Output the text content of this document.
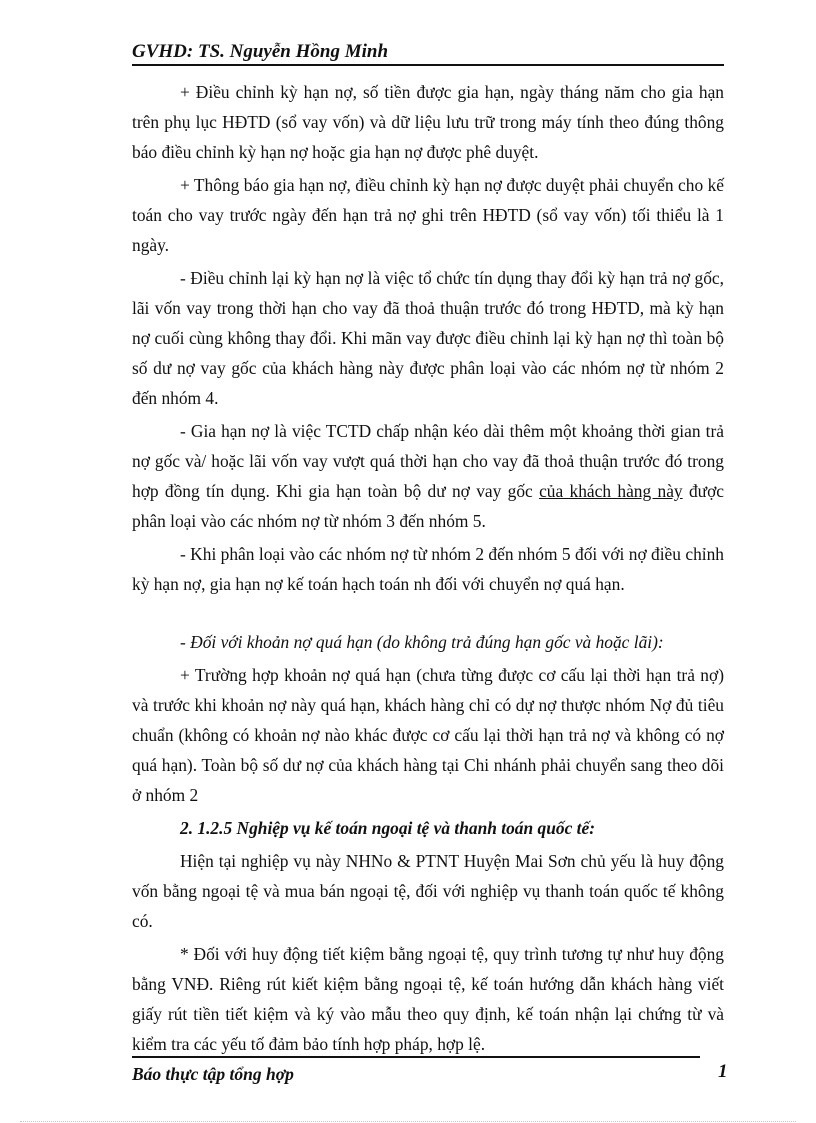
GVHD: TS. Nguyễn Hồng Minh

+ Điều chỉnh kỳ hạn nợ, số tiền được gia hạn, ngày tháng năm cho gia hạn trên phụ lục HĐTD (sổ vay vốn) và dữ liệu lưu trữ trong máy tính theo đúng thông báo điều chỉnh kỳ hạn nợ hoặc gia hạn nợ được phê duyệt.

+ Thông báo gia hạn nợ, điều chỉnh kỳ hạn nợ được duyệt phải chuyển cho kế toán cho vay trước ngày đến hạn trả nợ ghi trên HĐTD (sổ vay vốn) tối thiểu là 1 ngày.

- Điều chỉnh lại kỳ hạn nợ là việc tổ chức tín dụng thay đổi kỳ hạn trả nợ gốc, lãi vốn vay trong thời hạn cho vay đã thoả thuận trước đó trong HĐTD, mà kỳ hạn nợ cuối cùng không thay đổi. Khi mãn vay được điều chỉnh lại kỳ hạn nợ thì toàn bộ số dư nợ vay gốc của khách hàng này được phân loại vào các nhóm nợ từ nhóm 2 đến nhóm 4.

- Gia hạn nợ là việc TCTD chấp nhận kéo dài thêm một khoảng thời gian trả nợ gốc và/ hoặc lãi vốn vay vượt quá thời hạn cho vay đã thoả thuận trước đó trong hợp đồng tín dụng. Khi gia hạn toàn bộ dư nợ vay gốc của khách hàng này được phân loại vào các nhóm nợ từ nhóm 3 đến nhóm 5.

- Khi phân loại vào các nhóm nợ từ nhóm 2 đến nhóm 5 đối với nợ điều chỉnh kỳ hạn nợ, gia hạn nợ kế toán hạch toán nh đối với chuyển nợ quá hạn.

- Đối với khoản nợ quá hạn (do không trả đúng hạn gốc và hoặc lãi):

+ Trường hợp khoản nợ quá hạn (chưa từng được cơ cấu lại thời hạn trả nợ) và trước khi khoản nợ này quá hạn, khách hàng chỉ có dự nợ thược nhóm Nợ đủ tiêu chuẩn (không có khoản nợ nào khác được cơ cấu lại thời hạn trả nợ và không có nợ quá hạn). Toàn bộ số dư nợ của khách hàng tại Chi nhánh phải chuyển sang theo dõi ở nhóm 2

2. 1.2.5 Nghiệp vụ kế toán ngoại tệ và thanh toán quốc tế:

Hiện tại nghiệp vụ này NHNo & PTNT Huyện Mai Sơn chủ yếu là huy động vốn bằng ngoại tệ và mua bán ngoại tệ, đối với nghiệp vụ thanh toán quốc tế không có.

* Đối với huy động tiết kiệm bằng ngoại tệ, quy trình tương tự như huy động bằng VNĐ. Riêng rút kiết kiệm bằng ngoại tệ, kế toán hướng dẫn khách hàng viết giấy rút tiền tiết kiệm và ký vào mẫu theo quy định, kế toán nhận lại chứng từ và kiểm tra các yếu tố đảm bảo tính hợp pháp, hợp lệ.

Báo thực tập tổng hợp	1
